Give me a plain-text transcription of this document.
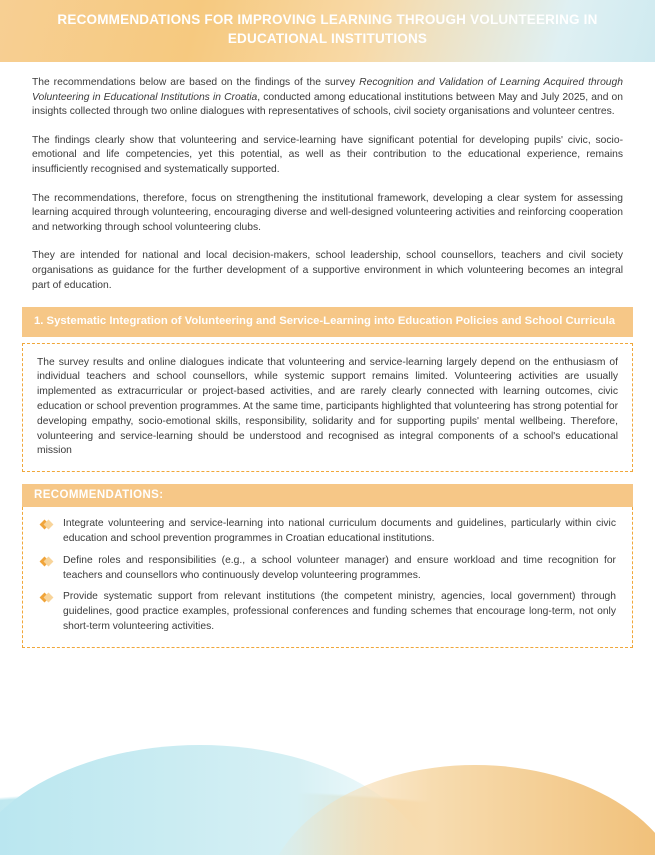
RECOMMENDATIONS FOR IMPROVING LEARNING THROUGH VOLUNTEERING IN EDUCATIONAL INSTITUTIONS

The recommendations below are based on the findings of the survey Recognition and Validation of Learning Acquired through Volunteering in Educational Institutions in Croatia, conducted among educational institutions between May and July 2025, and on insights collected through two online dialogues with representatives of schools, civil society organisations and volunteer centres.

The findings clearly show that volunteering and service-learning have significant potential for developing pupils' civic, socio-emotional and life competencies, yet this potential, as well as their contribution to the educational experience, remains insufficiently recognised and systematically supported.

The recommendations, therefore, focus on strengthening the institutional framework, developing a clear system for assessing learning acquired through volunteering, encouraging diverse and well-designed volunteering activities and reinforcing cooperation and networking through school volunteering clubs.

They are intended for national and local decision-makers, school leadership, school counsellors, teachers and civil society organisations as guidance for the further development of a supportive environment in which volunteering becomes an integral part of education.

1. Systematic Integration of Volunteering and Service-Learning into Education Policies and School Curricula

The survey results and online dialogues indicate that volunteering and service-learning largely depend on the enthusiasm of individual teachers and school counsellors, while systemic support remains limited. Volunteering activities are usually implemented as extracurricular or project-based activities, and are rarely clearly connected with learning outcomes, civic education or school prevention programmes. At the same time, participants highlighted that volunteering has strong potential for developing empathy, socio-emotional skills, responsibility, solidarity and for supporting pupils' mental wellbeing. Therefore, volunteering and service-learning should be understood and recognised as integral components of a school's educational mission

RECOMMENDATIONS:
Integrate volunteering and service-learning into national curriculum documents and guidelines, particularly within civic education and school prevention programmes in Croatian educational institutions.
Define roles and responsibilities (e.g., a school volunteer manager) and ensure workload and time recognition for teachers and counsellors who continuously develop volunteering programmes.
Provide systematic support from relevant institutions (the competent ministry, agencies, local government) through guidelines, good practice examples, professional conferences and funding schemes that encourage long-term, not only short-term volunteering activities.
